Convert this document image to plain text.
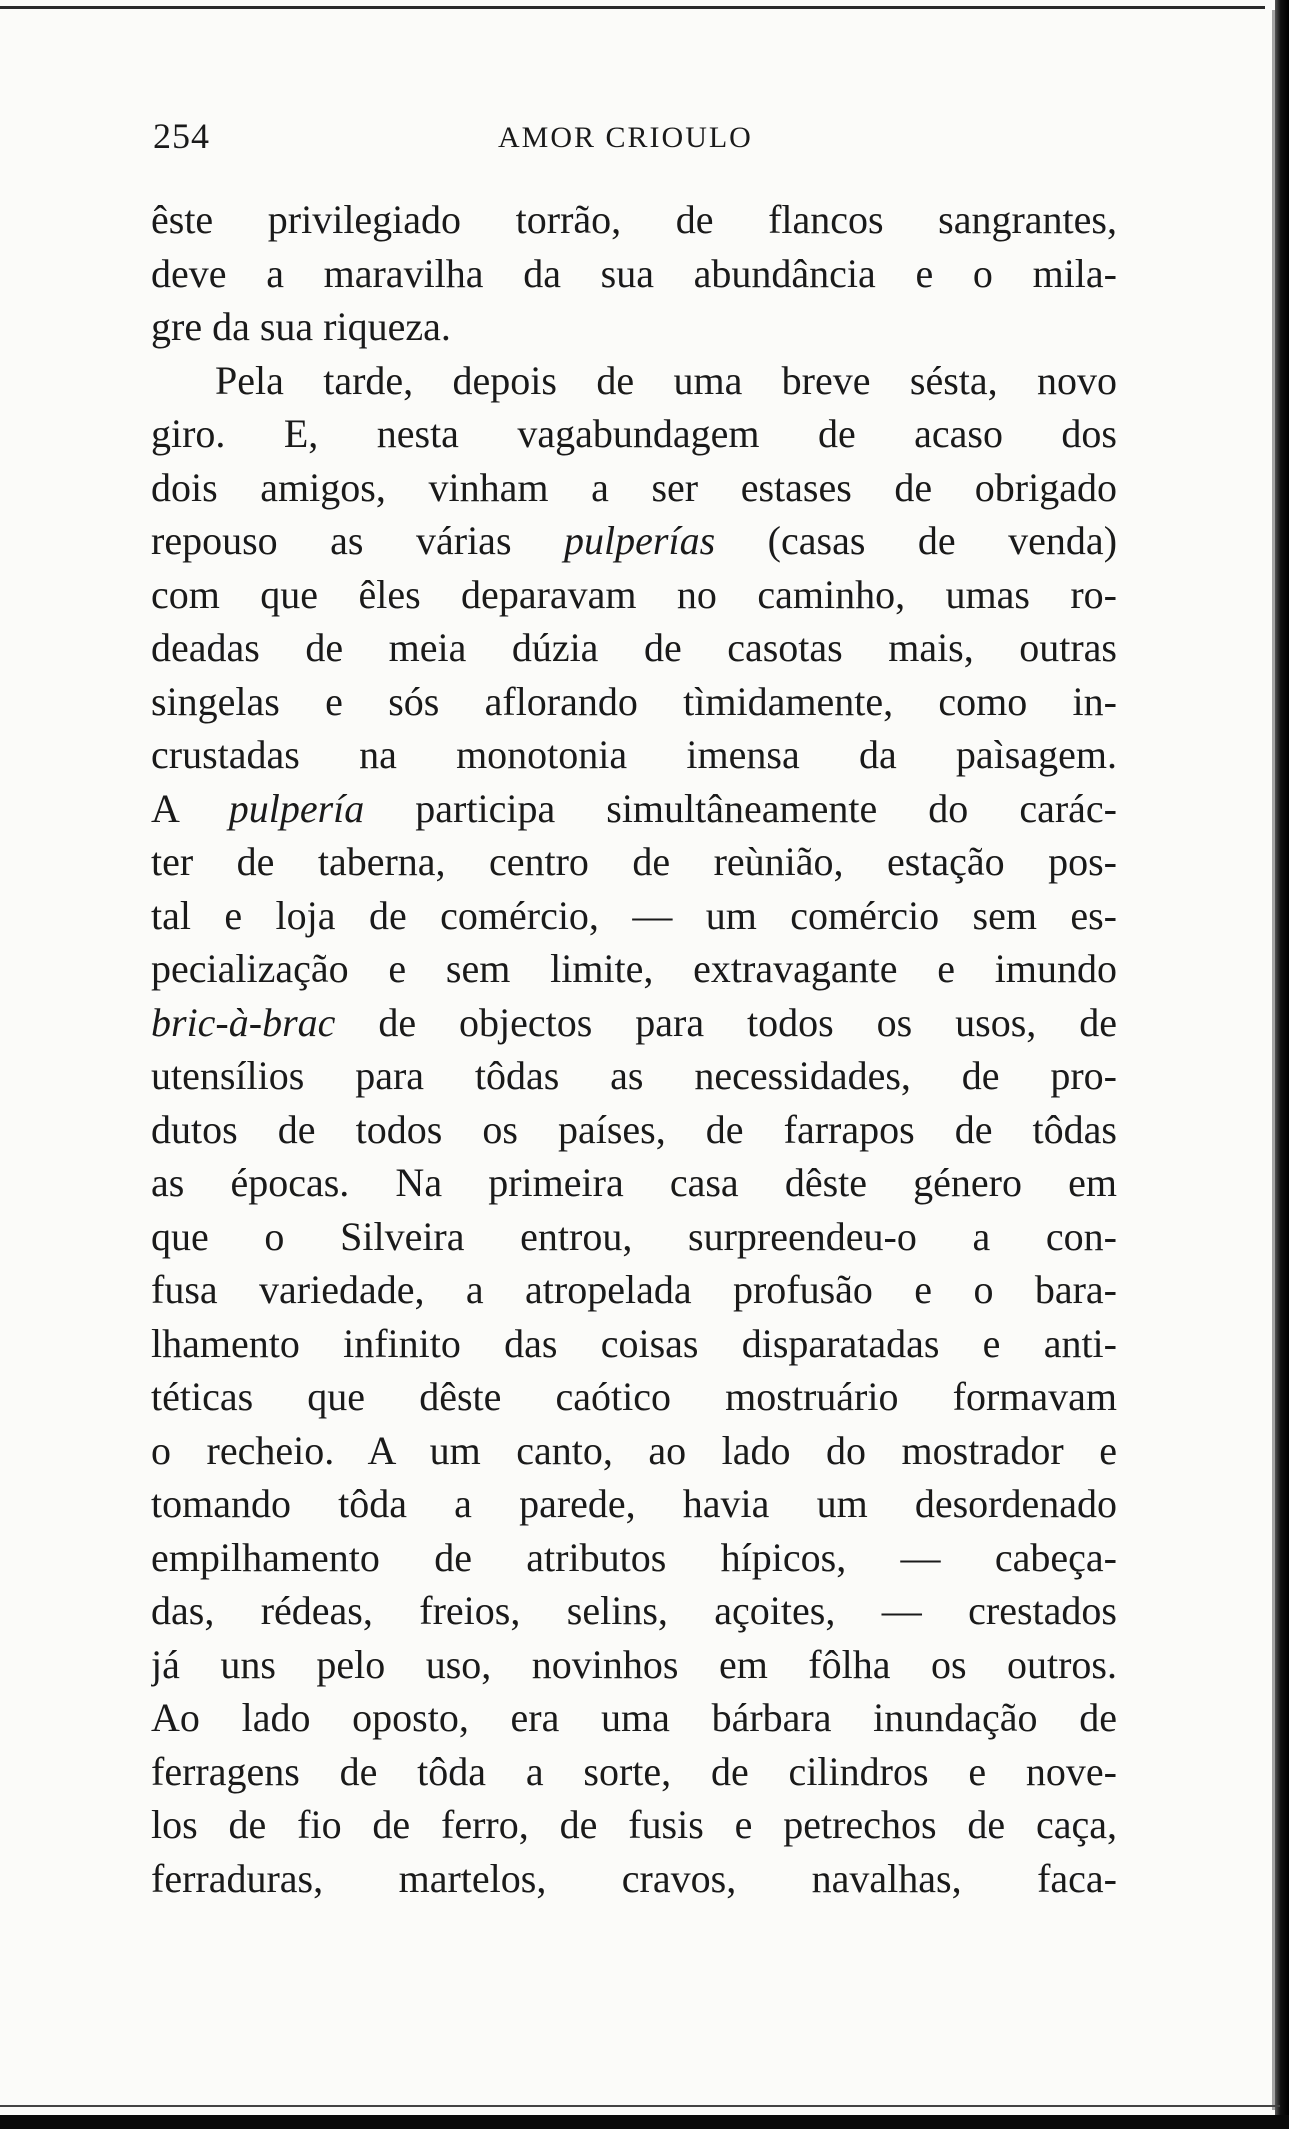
254	AMOR CRIOULO
êste privilegiado torrão, de flancos sangrantes,
deve a maravilha da sua abundância e o mila-
gre da sua riqueza.
Pela tarde, depois de uma breve sésta, novo
giro. E, nesta vagabundagem de acaso dos
dois amigos, vinham a ser estases de obrigado
repouso as várias pulperías (casas de venda)
com que êles deparavam no caminho, umas ro-
deadas de meia dúzia de casotas mais, outras
singelas e sós aflorando tìmidamente, como in-
crustadas na monotonia imensa da paìsagem.
A pulpería participa simultâneamente do carác-
ter de taberna, centro de reùnião, estação pos-
tal e loja de comércio, — um comércio sem es-
pecialização e sem limite, extravagante e imundo
bric-à-brac de objectos para todos os usos, de
utensílios para tôdas as necessidades, de pro-
dutos de todos os países, de farrapos de tôdas
as épocas. Na primeira casa dêste género em
que o Silveira entrou, surpreendeu-o a con-
fusa variedade, a atropelada profusão e o bara-
lhamento infinito das coisas disparatadas e anti-
téticas que dêste caótico mostruário formavam
o recheio. A um canto, ao lado do mostrador e
tomando tôda a parede, havia um desordenado
empilhamento de atributos hípicos, — cabeça-
das, rédeas, freios, selins, açoites, — crestados
já uns pelo uso, novinhos em fôlha os outros.
Ao lado oposto, era uma bárbara inundação de
ferragens de tôda a sorte, de cilindros e nove-
los de fio de ferro, de fusis e petrechos de caça,
ferraduras, martelos, cravos, navalhas, faca-
